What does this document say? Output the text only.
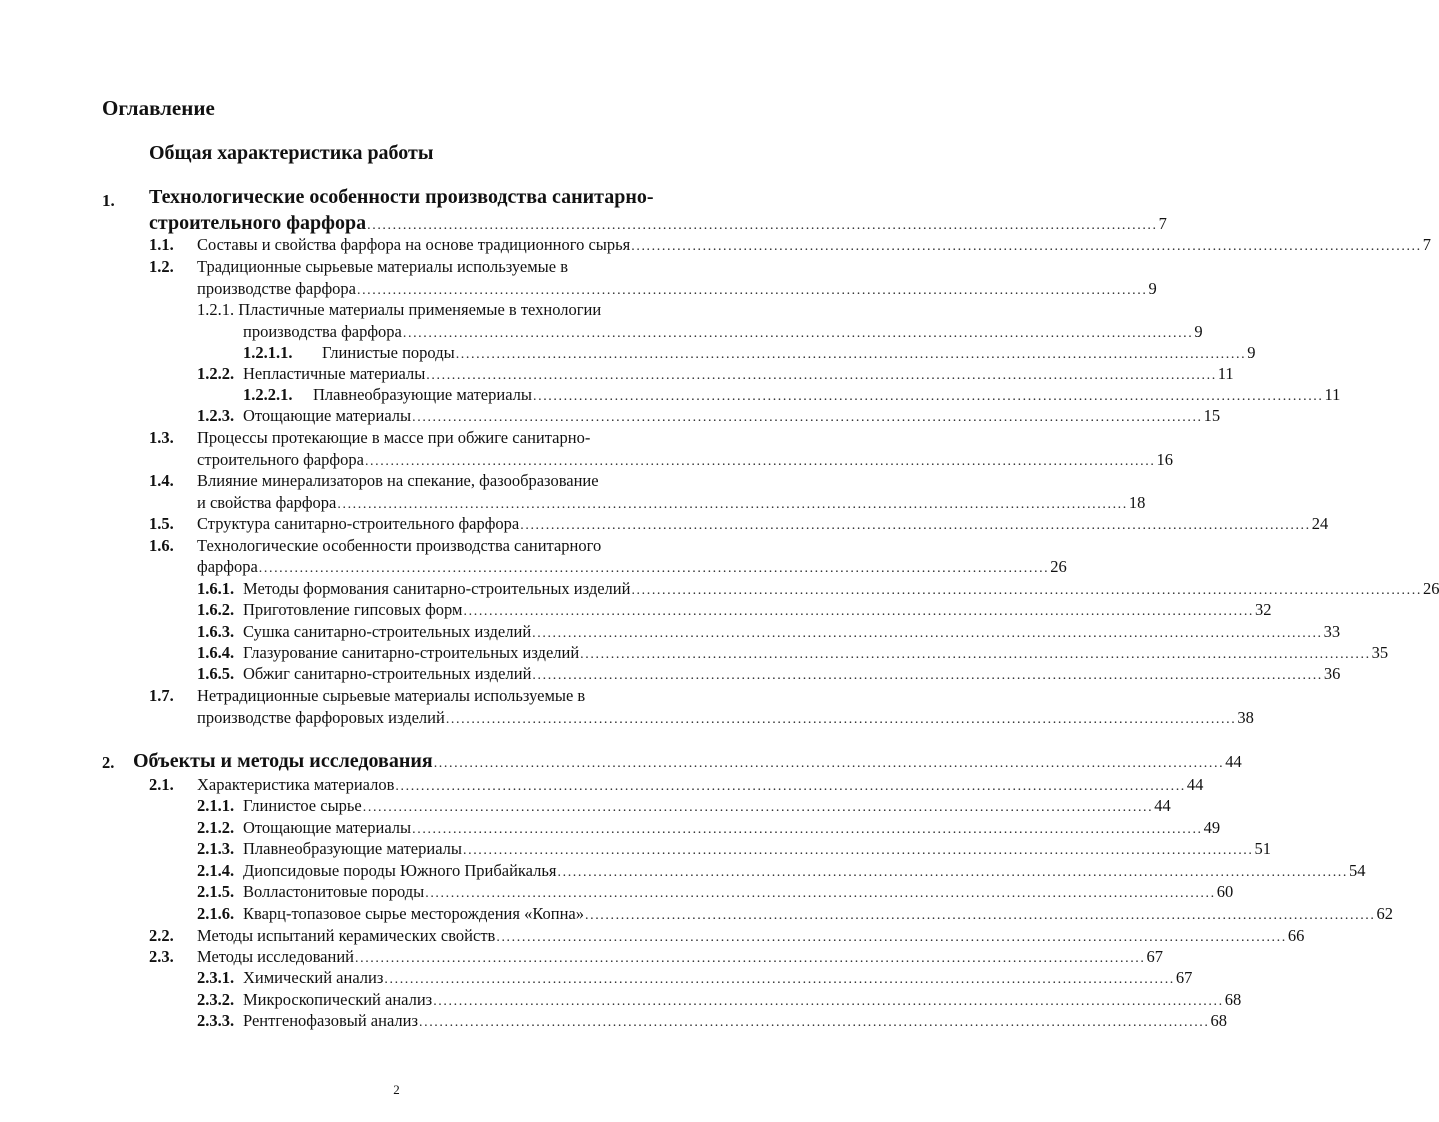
Оглавление
Общая характеристика работы
1. Технологические особенности производства санитарно-
строительного фарфора ........................................................................................................................................................... 7
1.1. Составы и свойства фарфора на основе традиционного сырья ........................................................................................................................................................... 7
1.2. Традиционные сырьевые материалы используемые в
производстве фарфора ........................................................................................................................................................... 9
1.2.1. Пластичные материалы применяемые в технологии
производства фарфора ........................................................................................................................................................... 9
1.2.1.1. Глинистые породы ........................................................................................................................................................... 9
1.2.2. Непластичные материалы ........................................................................................................................................................... 11
1.2.2.1. Плавнеобразующие материалы ........................................................................................................................................................... 11
1.2.3. Отощающие материалы ........................................................................................................................................................... 15
1.3. Процессы протекающие в массе при обжиге санитарно-
строительного фарфора ........................................................................................................................................................... 16
1.4. Влияние минерализаторов на спекание, фазообразование
и свойства фарфора ........................................................................................................................................................... 18
1.5. Структура санитарно-строительного фарфора ........................................................................................................................................................... 24
1.6. Технологические особенности производства санитарного
фарфора ........................................................................................................................................................... 26
1.6.1. Методы формования санитарно-строительных изделий ........................................................................................................................................................... 26
1.6.2. Приготовление гипсовых форм ........................................................................................................................................................... 32
1.6.3. Сушка санитарно-строительных изделий ........................................................................................................................................................... 33
1.6.4. Глазурование санитарно-строительных изделий ........................................................................................................................................................... 35
1.6.5. Обжиг санитарно-строительных изделий ........................................................................................................................................................... 36
1.7. Нетрадиционные сырьевые материалы используемые в
производстве фарфоровых изделий ........................................................................................................................................................... 38
2. Объекты и методы исследования ........................................................................................................................................................... 44
2.1. Характеристика материалов ........................................................................................................................................................... 44
2.1.1. Глинистое сырье ........................................................................................................................................................... 44
2.1.2. Отощающие материалы ........................................................................................................................................................... 49
2.1.3. Плавнеобразующие материалы ........................................................................................................................................................... 51
2.1.4. Диопсидовые породы Южного Прибайкалья ........................................................................................................................................................... 54
2.1.5. Волластонитовые породы ........................................................................................................................................................... 60
2.1.6. Кварц-топазовое сырье месторождения «Копна» ........................................................................................................................................................... 62
2.2. Методы испытаний керамических свойств ........................................................................................................................................................... 66
2.3. Методы исследований ........................................................................................................................................................... 67
2.3.1. Химический анализ ........................................................................................................................................................... 67
2.3.2. Микроскопический анализ ........................................................................................................................................................... 68
2.3.3. Рентгенофазовый анализ ........................................................................................................................................................... 68
2
